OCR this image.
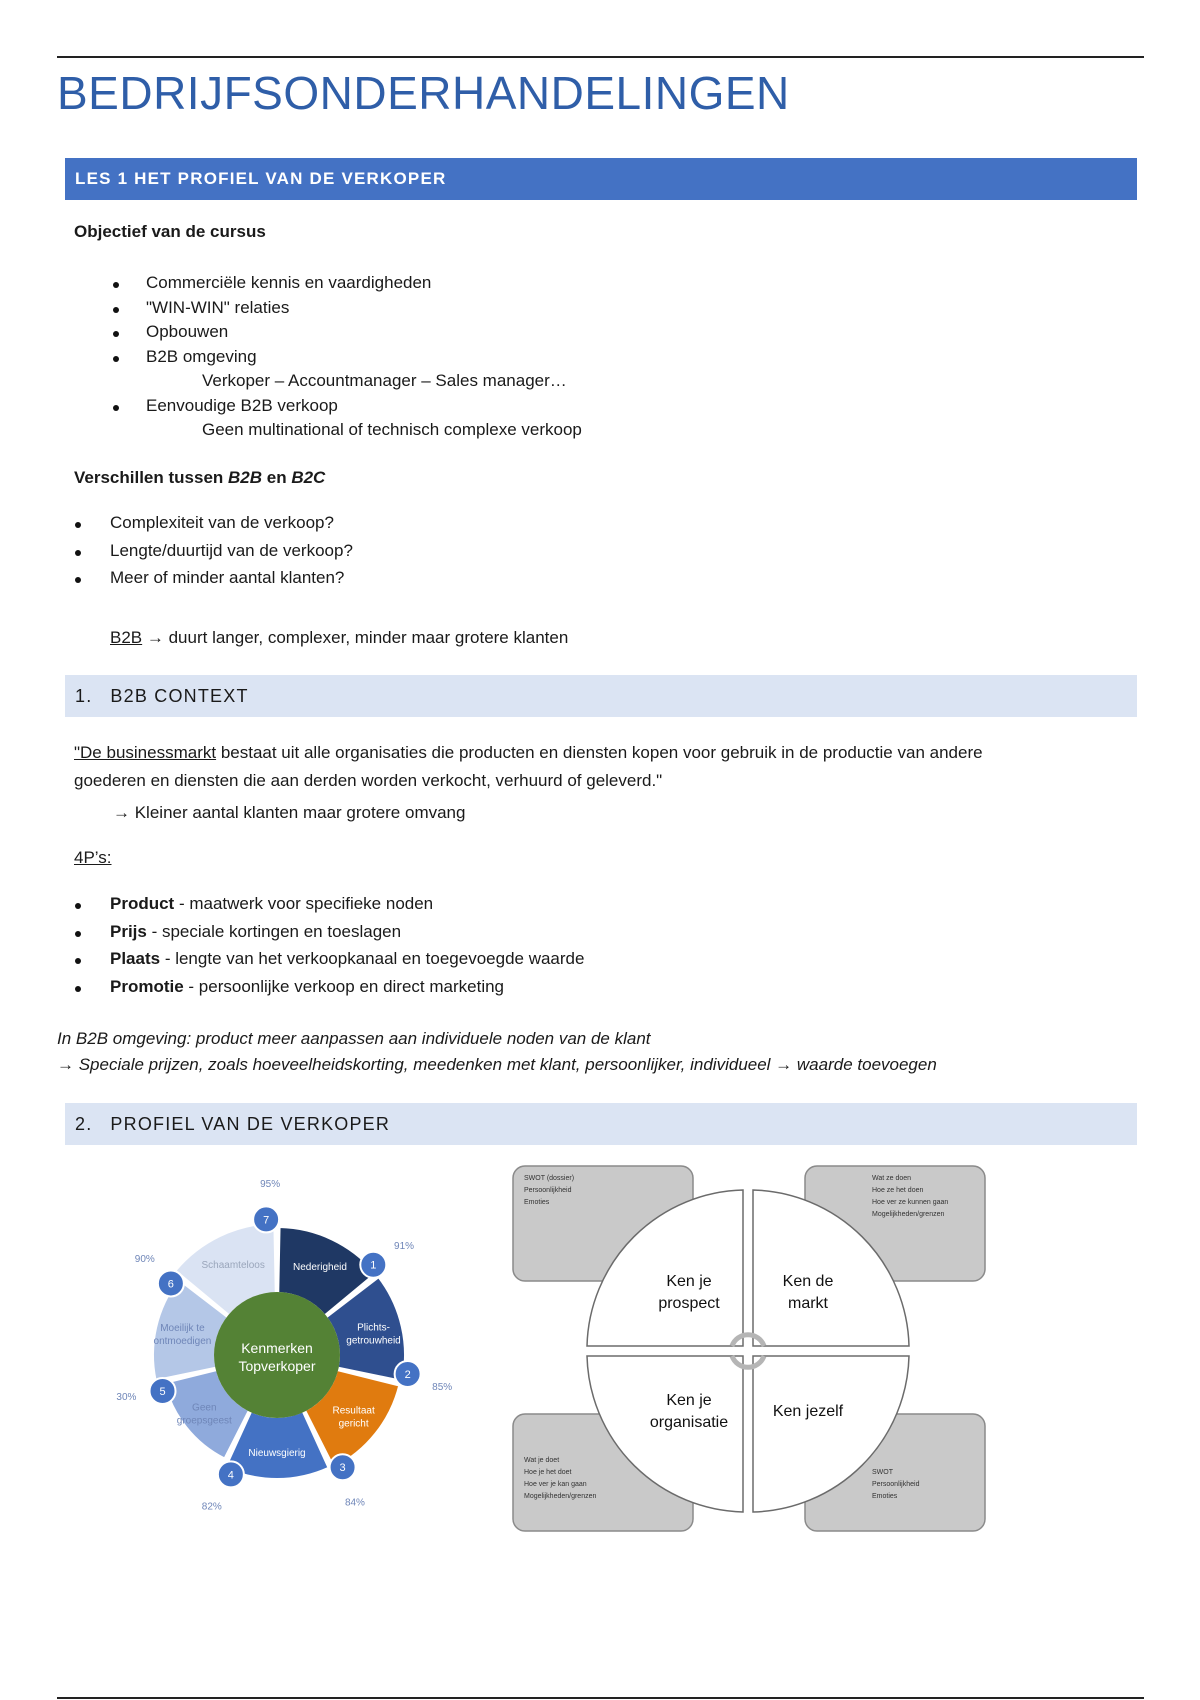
BEDRIJFSONDERHANDELINGEN
LES 1 HET PROFIEL VAN DE VERKOPER
Objectief van de cursus
Commerciële kennis en vaardigheden
"WIN-WIN" relaties
Opbouwen
B2B omgeving
Verkoper – Accountmanager – Sales manager…
Eenvoudige B2B verkoop
Geen multinational of technisch complexe verkoop
Verschillen tussen B2B en B2C
Complexiteit van de verkoop?
Lengte/duurtijd van de verkoop?
Meer of minder aantal klanten?
B2B → duurt langer, complexer, minder maar grotere klanten
1. B2B CONTEXT
"De businessmarkt bestaat uit alle organisaties die producten en diensten kopen voor gebruik in de productie van andere
goederen en diensten die aan derden worden verkocht, verhuurd of geleverd."
→ Kleiner aantal klanten maar grotere omvang
4P’s:
Product - maatwerk voor specifieke noden
Prijs - speciale kortingen en toeslagen
Plaats - lengte van het verkoopkanaal en toegevoegde waarde
Promotie - persoonlijke verkoop en direct marketing
In B2B omgeving: product meer aanpassen aan individuele noden van de klant
→ Speciale prijzen, zoals hoeveelheidskorting, meedenken met klant, persoonlijker, individueel → waarde toevoegen
2. PROFIEL VAN DE VERKOPER
Kenmerken
Topverkoper
Nederigheid 1
91%
Plichts-
getrouwheid
2
85%
Resultaat
gericht
3
84%
Nieuwsgierig
4
82%
Geen
groepsgeest
5
30%
Moeilijk te
ontmoedigen
6
90%
Schaamteloos
7
95%
SWOT (dossier)
Persoonlijkheid
Emoties
Wat ze doen
Hoe ze het doen
Hoe ver ze kunnen gaan
Mogelijkheden/grenzen
Wat je doet
Hoe je het doet
Hoe ver je kan gaan
Mogelijkheden/grenzen
SWOT
Persoonlijkheid
Emoties
Ken je
prospect
Ken de
markt
Ken je
organisatie
Ken jezelf
